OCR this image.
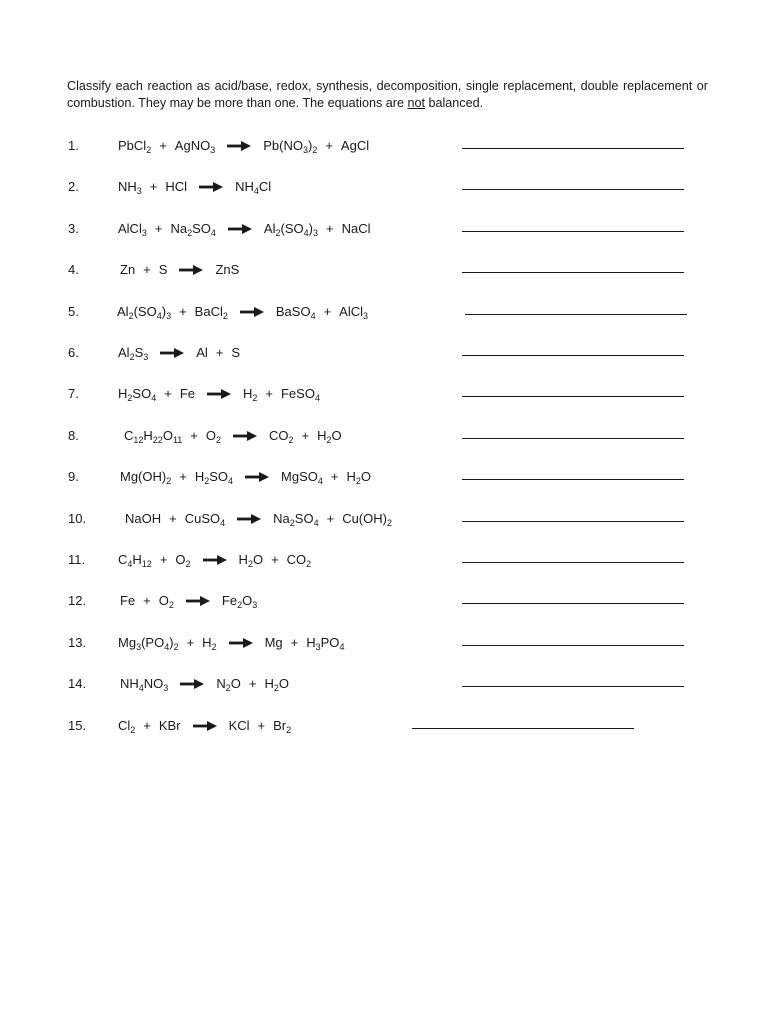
Classify each reaction as acid/base, redox, synthesis, decomposition, single replacement, double replacement or combustion. They may be more than one. The equations are not balanced.
1.	PbCl$_2$ + AgNO$_3$ → $Pb(NO_3)_2$ + AgCl
2.	$NH_3$ + HCl → $NH_4Cl$
3.	AlCl$_3$ + $Na_2SO_4 \to Al_2(SO_4)_3$ + NaCl
4.	Zn + S → ZnS
5.	$Al_2(SO_4)_3$ + BaCl$_2$ → BaSO$_4$ + AlCl$_3$
6.	$Al_2S_3 \to Al + S$
7.	$H_2SO_4 + Fe \to H_2$ + FeSO$_4$
8.	$C_{12}H_{22}O_{11} + O_2 \to CO_2 + H_2O$
9.	$Mg(OH)_2 + H_2SO_4$ → MgSO$_4$ + $H_2O$
10.	NaOH + CuSO$_4$ → $Na_2SO_4 + Cu(OH)_2$
11.	$C_4H_{12} + O_2 \to H_2O + CO_2$
12.	$Fe + O_2 \to Fe_2O_3$
13. $Mg_3(PO_4)_2 + H_2 \to Mg + H_3PO_4$
14.	$NH_4NO_3 \to N_2O + H_2O$
15. $Cl_2$ + KBr → KCl + $Br_2$
